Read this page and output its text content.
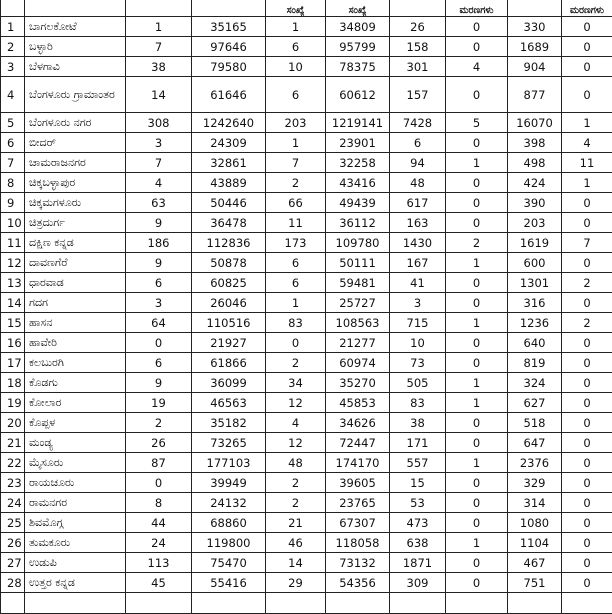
				ಸಂಖ್ಯೆ	ಸಂಖ್ಯೆ		ಮರಣಗಳು		ಮರಣಗಳು
1	ಬಾಗಲಕೋಟೆ	1	35165	1	34809	26	0	330	0
2	ಬಳ್ಳಾರಿ	7	97646	6	95799	158	0	1689	0
3	ಬೆಳಗಾವಿ	38	79580	10	78375	301	4	904	0
4	ಬೆಂಗಳೂರು ಗ್ರಾಮಾಂತರ	14	61646	6	60612	157	0	877	0
5	ಬೆಂಗಳೂರು ನಗರ	308	1242640	203	1219141	7428	5	16070	1
6	ಬೀದರ್	3	24309	1	23901	6	0	398	4
7	ಚಾಮರಾಜನಗರ	7	32861	7	32258	94	1	498	11
8	ಚಿಕ್ಕಬಳ್ಳಾಪುರ	4	43889	2	43416	48	0	424	1
9	ಚಿಕ್ಕಮಗಳೂರು	63	50446	66	49439	617	0	390	0
10	ಚಿತ್ರದುರ್ಗ	9	36478	11	36112	163	0	203	0
11	ದಕ್ಷಿಣ ಕನ್ನಡ	186	112836	173	109780	1430	2	1619	7
12	ದಾವಣಗೆರೆ	9	50878	6	50111	167	1	600	0
13	ಧಾರವಾಡ	6	60825	6	59481	41	0	1301	2
14	ಗದಗ	3	26046	1	25727	3	0	316	0
15	ಹಾಸನ	64	110516	83	108563	715	1	1236	2
16	ಹಾವೇರಿ	0	21927	0	21277	10	0	640	0
17	ಕಲಬುರಗಿ	6	61866	2	60974	73	0	819	0
18	ಕೊಡಗು	9	36099	34	35270	505	1	324	0
19	ಕೋಲಾರ	19	46563	12	45853	83	1	627	0
20	ಕೊಪ್ಪಳ	2	35182	4	34626	38	0	518	0
21	ಮಂಡ್ಯ	26	73265	12	72447	171	0	647	0
22	ಮೈಸೂರು	87	177103	48	174170	557	1	2376	0
23	ರಾಯಚೂರು	0	39949	2	39605	15	0	329	0
24	ರಾಮನಗರ	8	24132	2	23765	53	0	314	0
25	ಶಿವಮೊಗ್ಗ	44	68860	21	67307	473	0	1080	0
26	ತುಮಕೂರು	24	119800	46	118058	638	1	1104	0
27	ಉಡುಪಿ	113	75470	14	73132	1871	0	467	0
28	ಉತ್ತರ ಕನ್ನಡ	45	55416	29	54356	309	0	751	0
